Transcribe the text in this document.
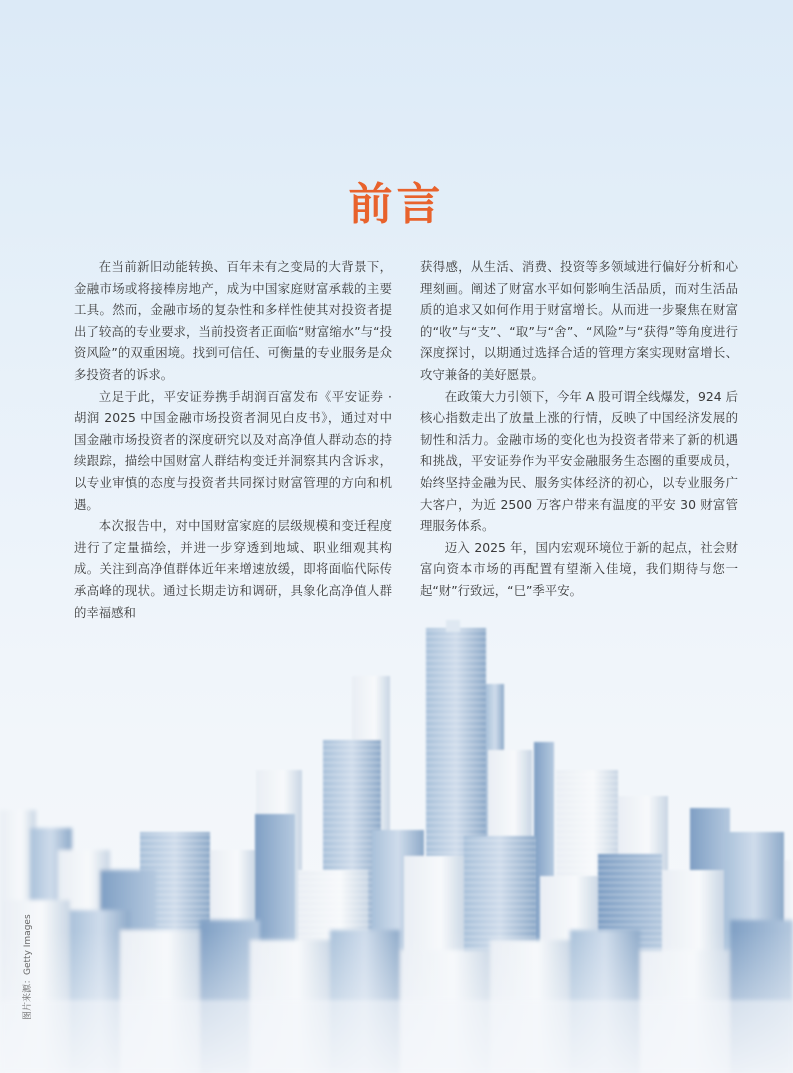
前言

在当前新旧动能转换、百年未有之变局的大背景下，金融市场或将接棒房地产，成为中国家庭财富承载的主要工具。然而，金融市场的复杂性和多样性使其对投资者提出了较高的专业要求，当前投资者正面临“财富缩水”与“投资风险”的双重困境。找到可信任、可衡量的专业服务是众多投资者的诉求。

立足于此，平安证券携手胡润百富发布《平安证券 · 胡润 2025 中国金融市场投资者洞见白皮书》，通过对中国金融市场投资者的深度研究以及对高净值人群动态的持续跟踪，描绘中国财富人群结构变迁并洞察其内含诉求，以专业审慎的态度与投资者共同探讨财富管理的方向和机遇。

本次报告中，对中国财富家庭的层级规模和变迁程度进行了定量描绘，并进一步穿透到地域、职业细观其构成。关注到高净值群体近年来增速放缓，即将面临代际传承高峰的现状。通过长期走访和调研，具象化高净值人群

获得感，从生活、消费、投资等多领域进行偏好分析和心理刻画。阐述了财富水平如何影响生活品质，而对生活品质的追求又如何作用于财富增长。从而进一步聚焦在财富的“收”与“支”、“取”与“舍”、“风险”与“获得”等角度进行深度探讨，以期通过选择合适的管理方案实现财富增长、攻守兼备的美好愿景。

在政策大力引领下，今年 A 股可谓全线爆发，924 后核心指数走出了放量上涨的行情，反映了中国经济发展的韧性和活力。金融市场的变化也为投资者带来了新的机遇和挑战，平安证券作为平安金融服务生态圈的重要成员，始终坚持金融为民、服务实体经济的初心，以专业服务广大客户，为近 2500 万客户带来有温度的平安 30 财富管理服务体系。

迈入 2025 年，国内宏观环境位于新的起点，社会财富向资本市场的再配置有望渐入佳境，我们期待与您一起“财”行致远，“巳”季平安。

图片来源：Getty Images
